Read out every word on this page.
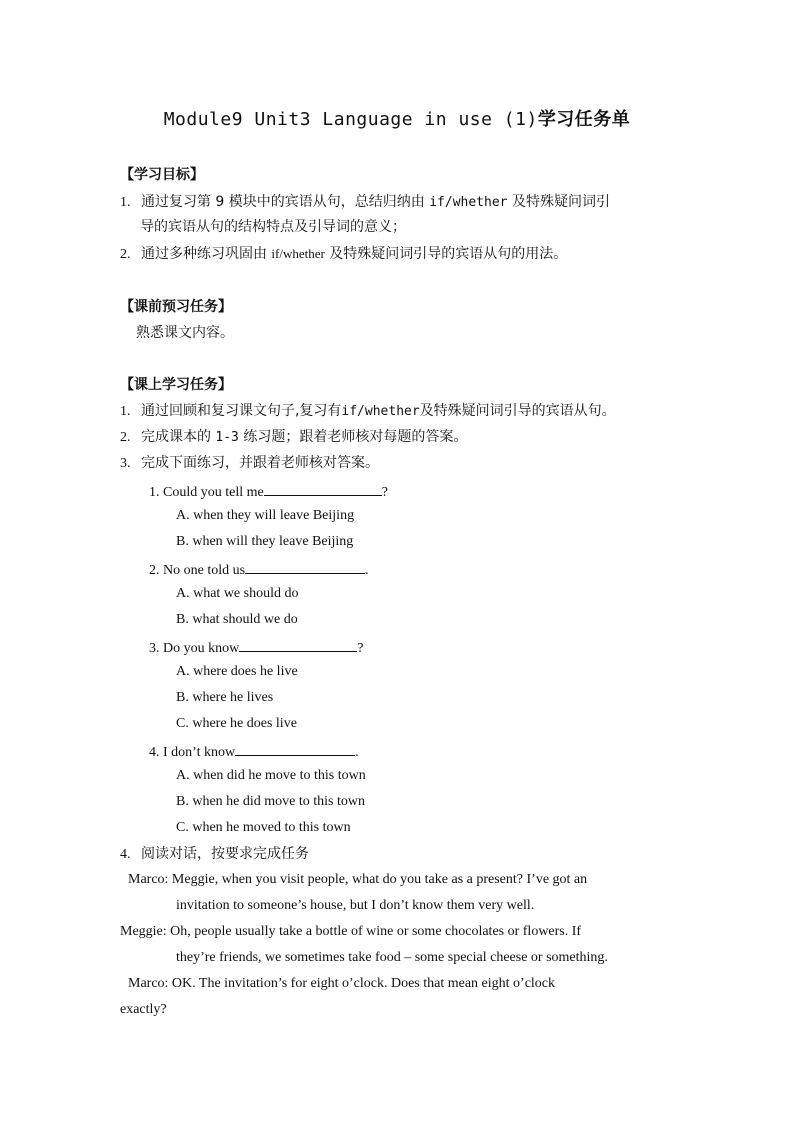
Module9 Unit3 Language in use (1)学习任务单
【学习目标】
1. 通过复习第 9 模块中的宾语从句，总结归纳由 if/whether 及特殊疑问词引
导的宾语从句的结构特点及引导词的意义；
2. 通过多种练习巩固由 if/whether 及特殊疑问词引导的宾语从句的用法。
【课前预习任务】
熟悉课文内容。
【课上学习任务】
1. 通过回顾和复习课文句子,复习有if/whether及特殊疑问词引导的宾语从句。
2. 完成课本的 1-3 练习题；跟着老师核对每题的答案。
3. 完成下面练习，并跟着老师核对答案。
1. Could you tell me	?
A. when they will leave Beijing
B. when will they leave Beijing
2. No one told us	.
A. what we should do
B. what should we do
3. Do you know	?
A. where does he live
B. where he lives
C. where he does live
4. I don’t know	.
A. when did he move to this town
B. when he did move to this town
C. when he moved to this town
4. 阅读对话，按要求完成任务
Marco: Meggie, when you visit people, what do you take as a present? I’ve got an
invitation to someone’s house, but I don’t know them very well.
Meggie: Oh, people usually take a bottle of wine or some chocolates or flowers. If
they’re friends, we sometimes take food – some special cheese or something.
Marco: OK. The invitation’s for eight o’clock. Does that mean eight o’clock
exactly?
